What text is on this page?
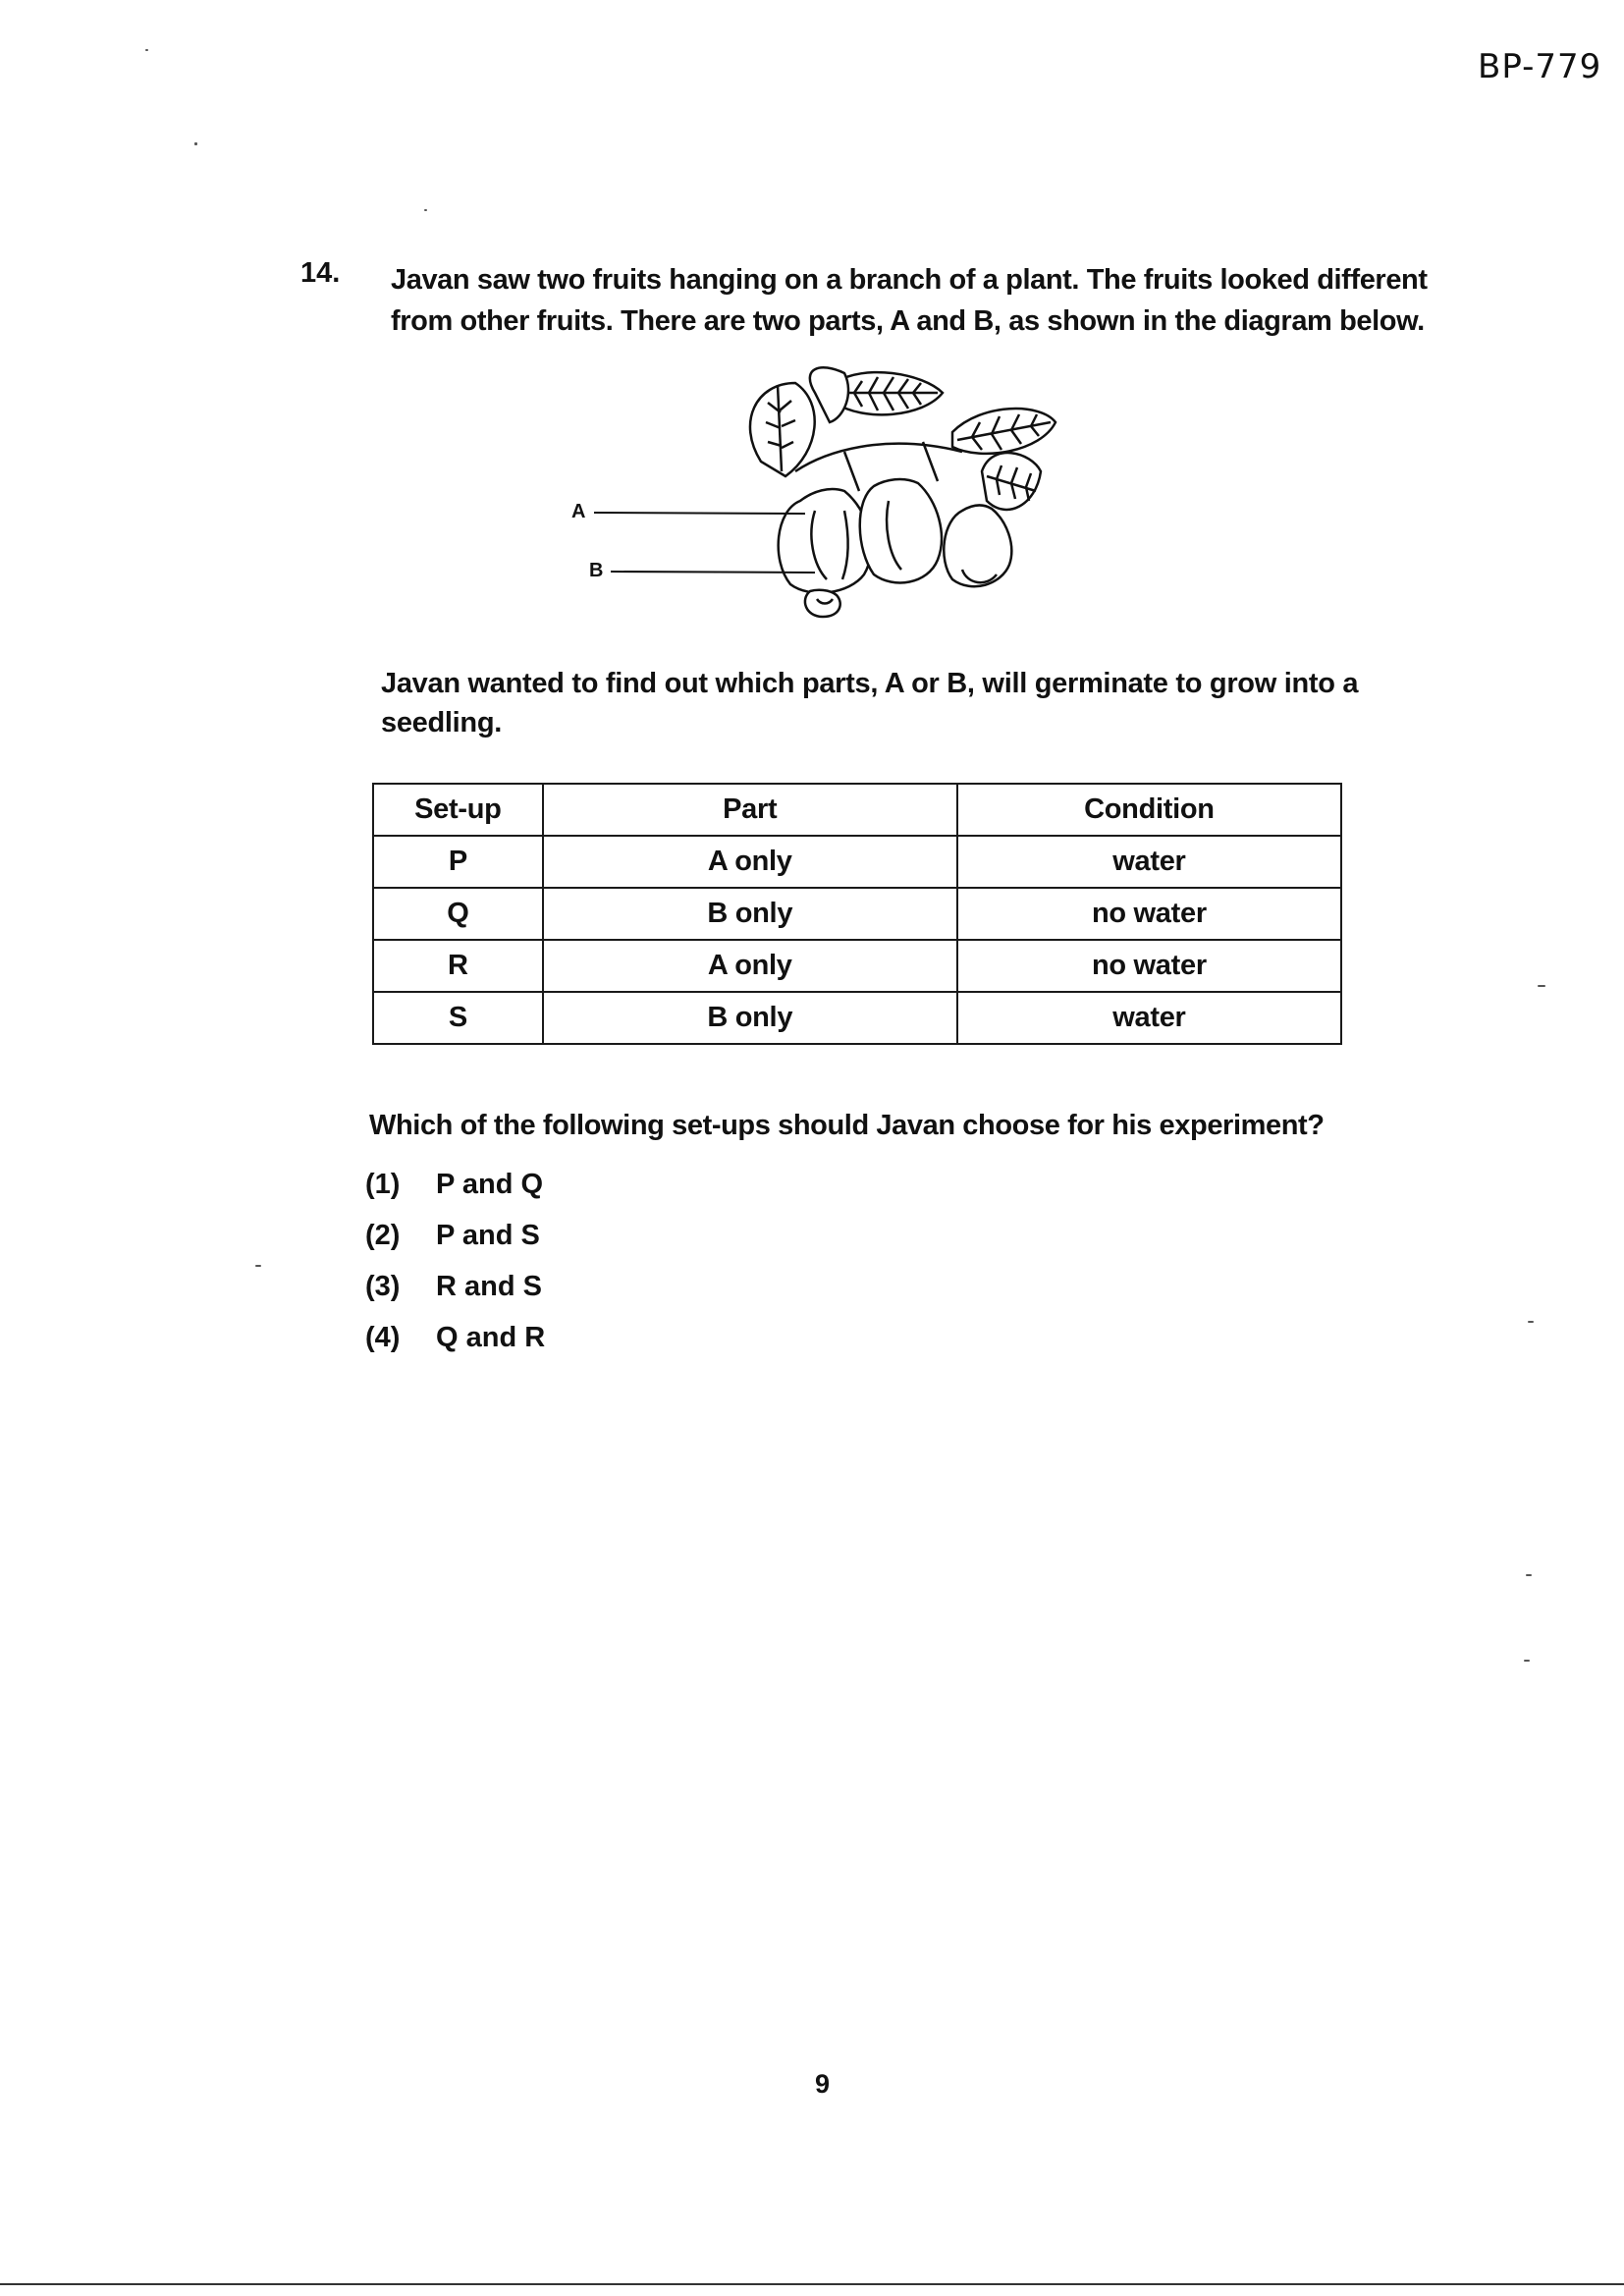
BP-779
14. Javan saw two fruits hanging on a branch of a plant. The fruits looked different from other fruits. There are two parts, A and B, as shown in the diagram below.
A
B
Javan wanted to find out which parts, A or B, will germinate to grow into a seedling.
Set-up	Part	Condition
P	A only	water
Q	B only	no water
R	A only	no water
S	B only	water
Which of the following set-ups should Javan choose for his experiment?
(1)	P and Q
(2)	P and S
(3)	R and S
(4)	Q and R
9
